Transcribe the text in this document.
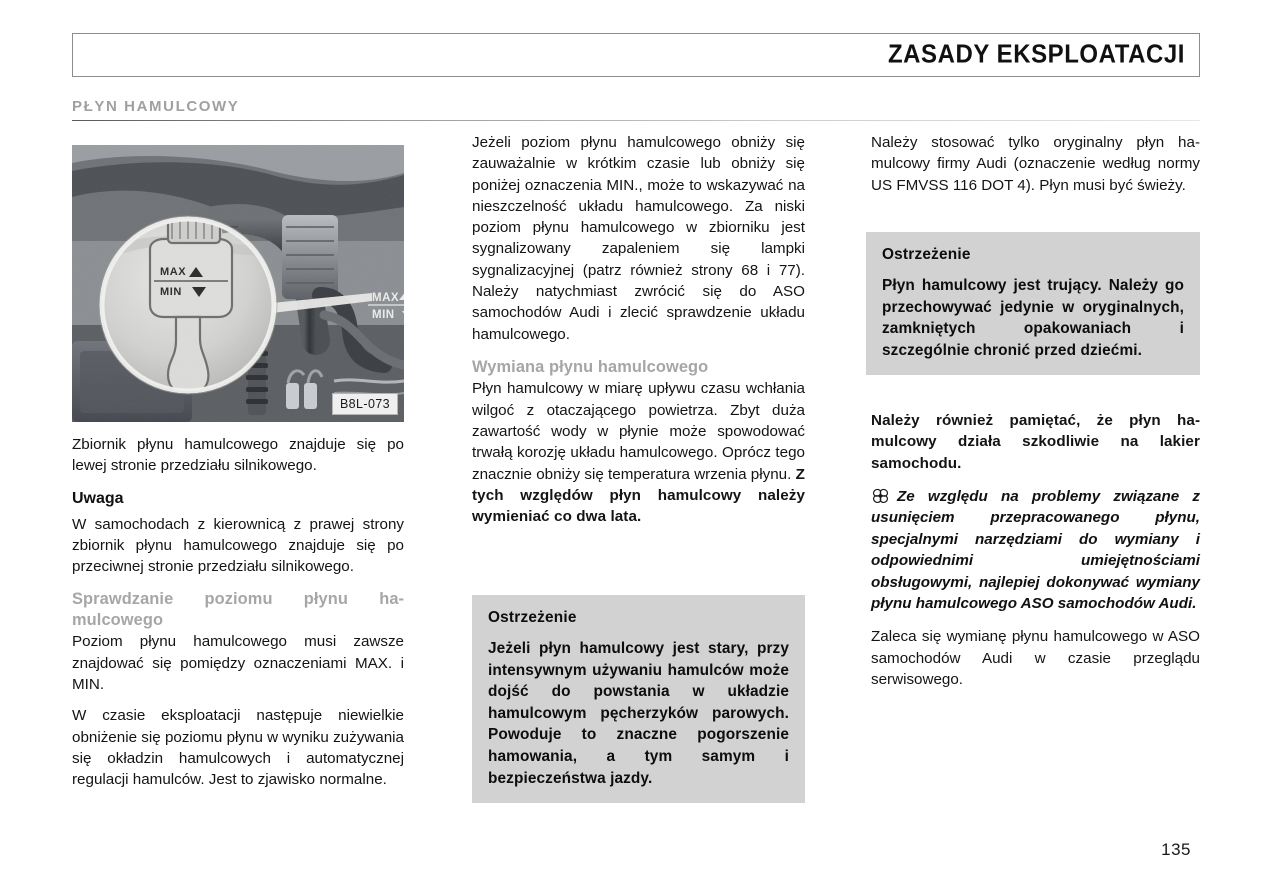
ZASADY EKSPLOATACJI
PŁYN HAMULCOWY
B8L-073

Zbiornik płynu hamulcowego znajduje się po lewej stronie przedziału silnikowego.

Uwaga

W samochodach z kierownicą z prawej strony zbiornik płynu hamulcowego znajduje się po przeciwnej stronie przedziału silnikowego.

Sprawdzanie poziomu płynu hamulcowego

Poziom płynu hamulcowego musi zawsze znajdować się pomiędzy oznaczeniami MAX. i MIN.

W czasie eksploatacji następuje niewielkie obniżenie się poziomu płynu w wyniku zużywania się okładzin hamulcowych i automatycznej regulacji hamulców. Jest to zjawisko normalne.

Jeżeli poziom płynu hamulcowego obniży się zauważalnie w krótkim czasie lub obniży się poniżej oznaczenia MIN., może to wskazywać na nieszczelność układu hamulcowego. Za niski poziom płynu hamulcowego w zbiorniku jest sygnalizowany zapaleniem się lampki sygnalizacyjnej (patrz również strony 68 i 77). Należy natychmiast zwrócić się do ASO samochodów Audi i zlecić sprawdzenie układu hamulcowego.

Wymiana płynu hamulcowego

Płyn hamulcowy w miarę upływu czasu wchłania wilgoć z otaczającego powietrza. Zbyt duża zawartość wody w płynie może spowodować trwałą korozję układu hamulcowego. Oprócz tego znacznie obniży się temperatura wrzenia płynu. Z tych względów płyn hamulcowy należy wymieniać co dwa lata.

Ostrzeżenie

Jeżeli płyn hamulcowy jest stary, przy intensywnym używaniu hamulców może dojść do powstania w układzie hamulcowym pęcherzyków parowych. Powoduje to znaczne pogorszenie hamowania, a tym samym i bezpieczeństwa jazdy.

Należy stosować tylko oryginalny płyn hamulcowy firmy Audi (oznaczenie według normy US FMVSS 116 DOT 4). Płyn musi być świeży.

Ostrzeżenie

Płyn hamulcowy jest trujący. Należy go przechowywać jedynie w oryginalnych, zamkniętych opakowaniach i szczególnie chronić przed dziećmi.

Należy również pamiętać, że płyn hamulcowy działa szkodliwie na lakier samochodu.

Ze względu na problemy związane z usunięciem przepracowanego płynu, specjalnymi narzędziami do wymiany i odpowiednimi umiejętnościami obsługowymi, najlepiej dokonywać wymiany płynu hamulcowego ASO samochodów Audi.

Zaleca się wymianę płynu hamulcowego w ASO samochodów Audi w czasie przeglądu serwisowego.

135
